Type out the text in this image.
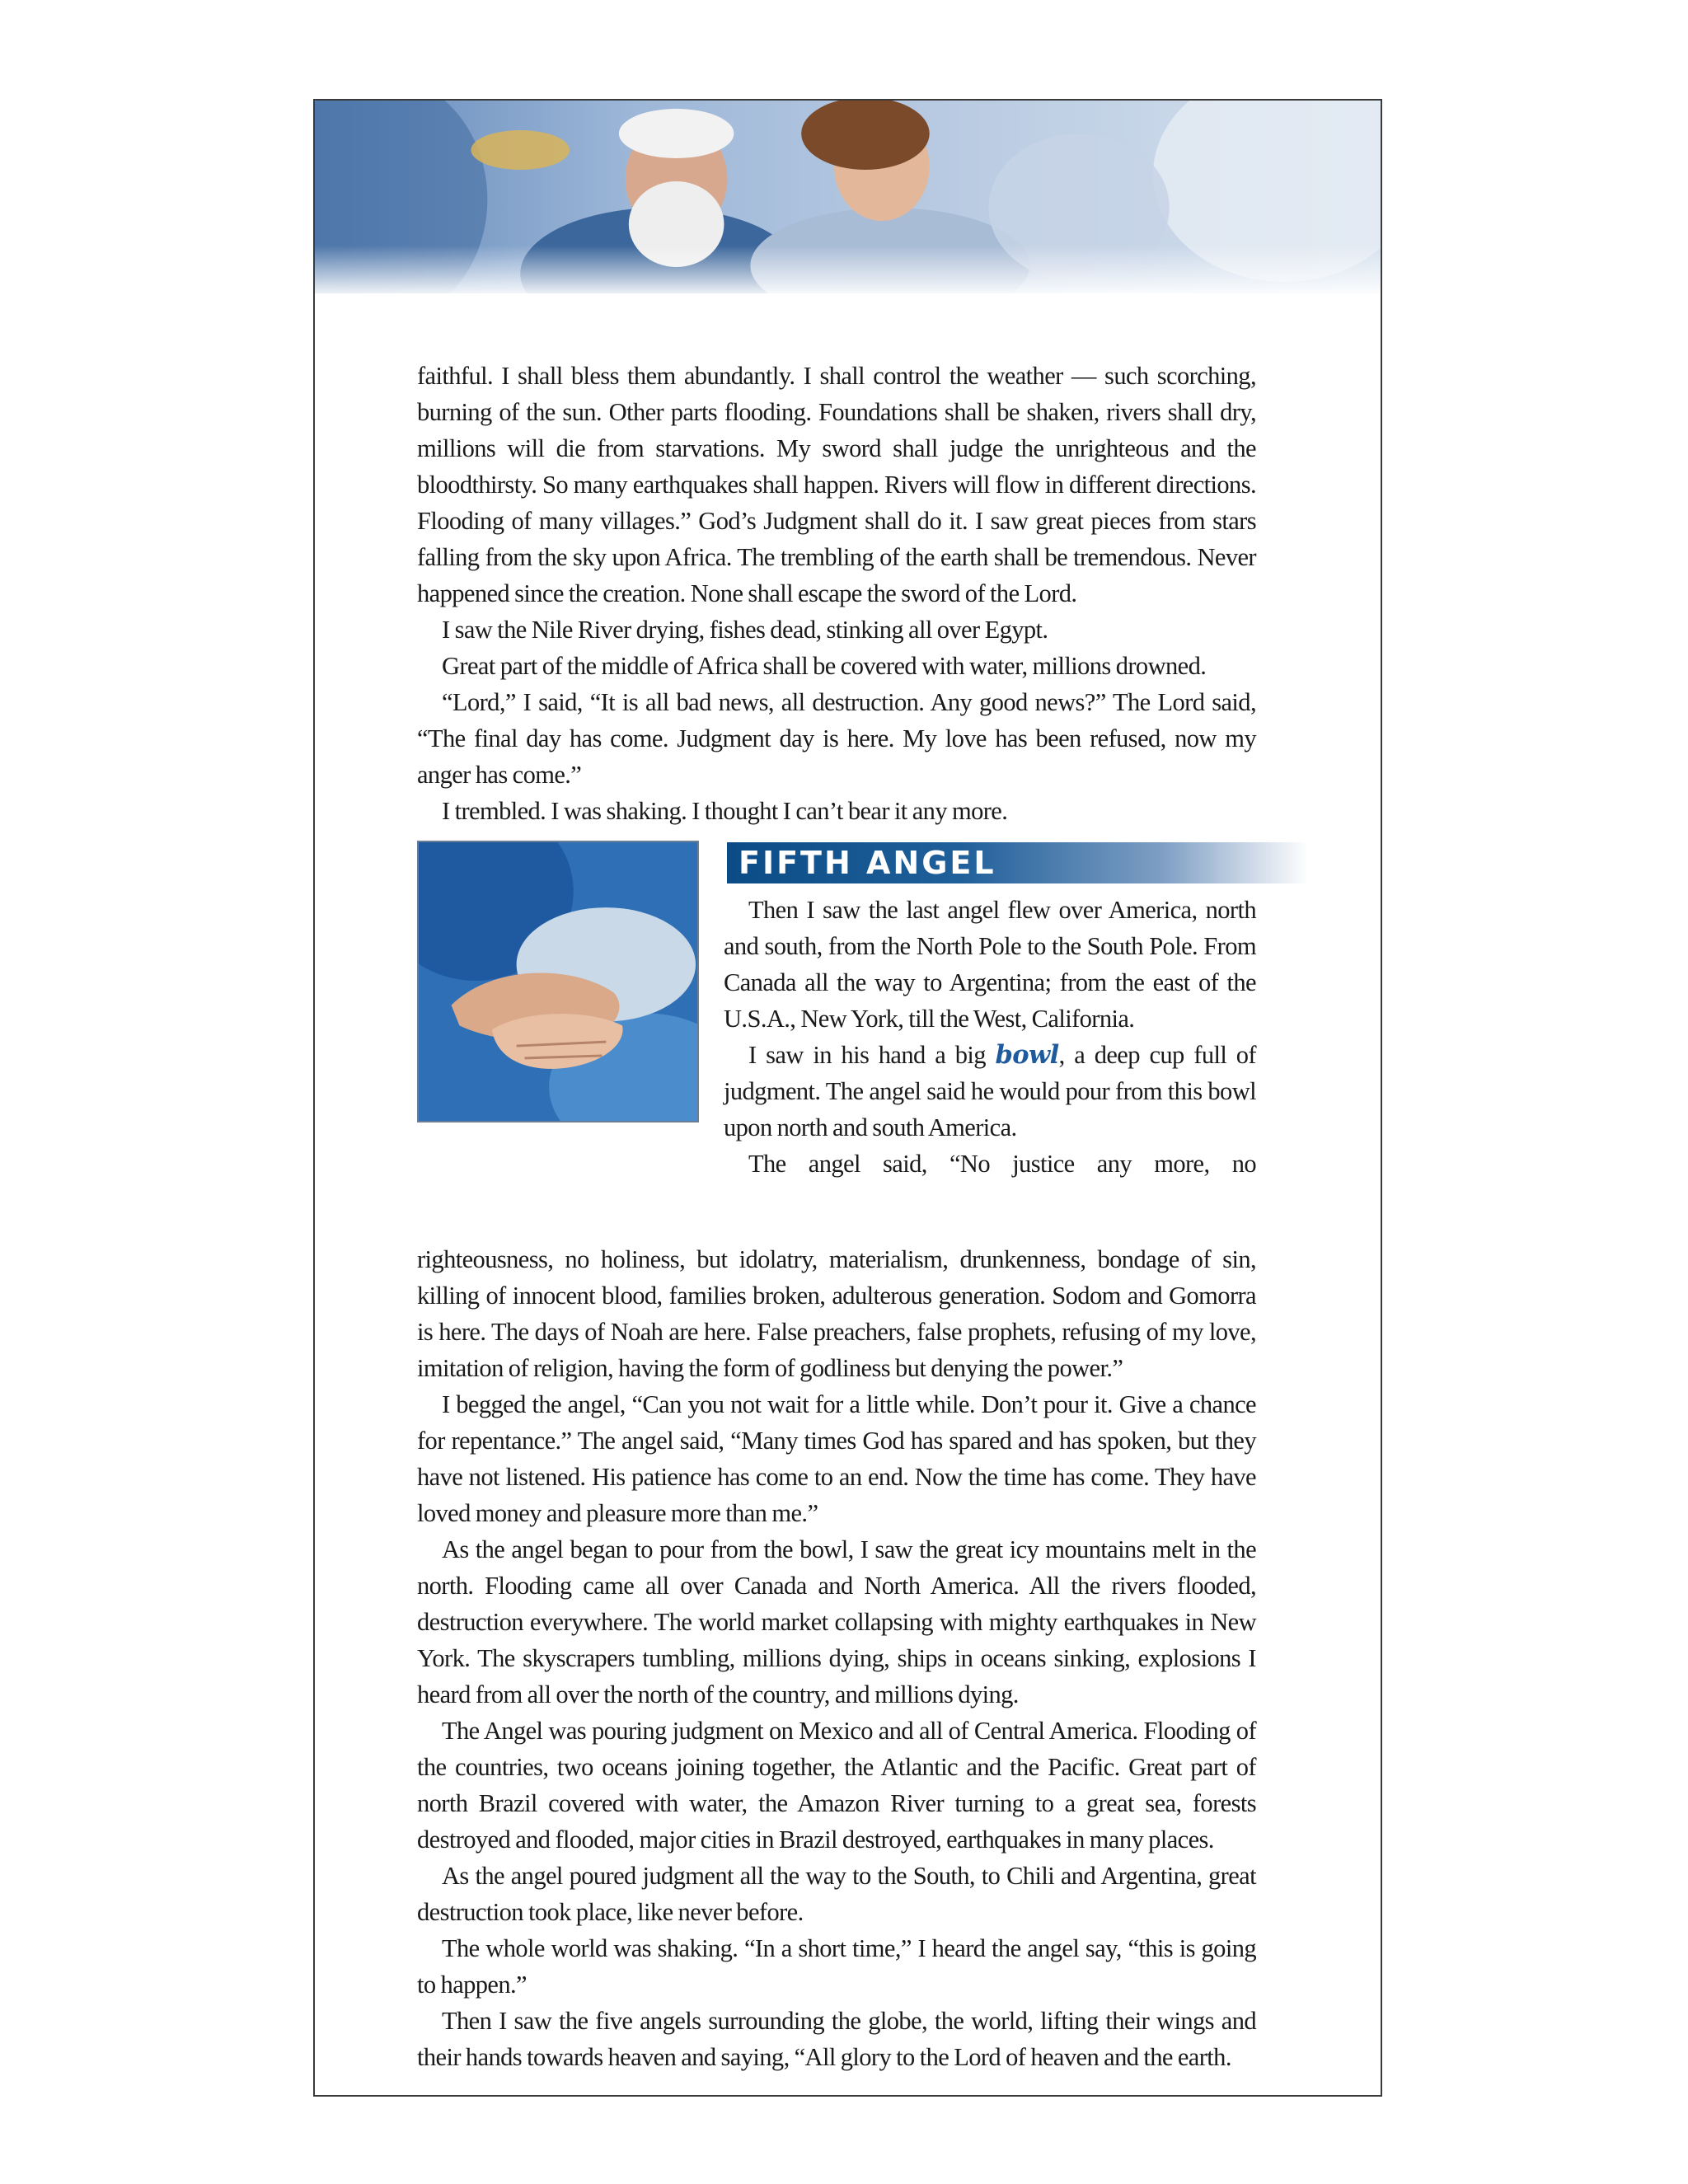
faithful. I shall bless them abundantly. I shall control the weather — such scorching, burning of the sun. Other parts flooding. Foundations shall be shaken, rivers shall dry, millions will die from starvations. My sword shall judge the unrighteous and the bloodthirsty. So many earthquakes shall happen. Rivers will flow in different directions. Flooding of many villages.” God’s Judgment shall do it. I saw great pieces from stars falling from the sky upon Africa. The trembling of the earth shall be tremendous. Never happened since the creation. None shall escape the sword of the Lord.

I saw the Nile River drying, fishes dead, stinking all over Egypt.

Great part of the middle of Africa shall be covered with water, millions drowned.

“Lord,” I said, “It is all bad news, all destruction. Any good news?” The Lord said, “The final day has come. Judgment day is here. My love has been refused, now my anger has come.”

I trembled. I was shaking. I thought I can’t bear it any more.

FIFTH ANGEL

Then I saw the last angel flew over America, north and south, from the North Pole to the South Pole. From Canada all the way to Argentina; from the east of the U.S.A., New York, till the West, California.

I saw in his hand a big bowl, a deep cup full of judgment. The angel said he would pour from this bowl upon north and south America.

The angel said, “No justice any more, no

righteousness, no holiness, but idolatry, materialism, drunkenness, bondage of sin, killing of innocent blood, families broken, adulterous generation. Sodom and Gomorra is here. The days of Noah are here. False preachers, false prophets, refusing of my love, imitation of religion, having the form of godliness but denying the power.”

I begged the angel, “Can you not wait for a little while. Don’t pour it. Give a chance for repentance.” The angel said, “Many times God has spared and has spoken, but they have not listened. His patience has come to an end. Now the time has come. They have loved money and pleasure more than me.”

As the angel began to pour from the bowl, I saw the great icy mountains melt in the north. Flooding came all over Canada and North America. All the rivers flooded, destruction everywhere. The world market collapsing with mighty earthquakes in New York. The skyscrapers tumbling, millions dying, ships in oceans sinking, explosions I heard from all over the north of the country, and millions dying.

The Angel was pouring judgment on Mexico and all of Central America. Flooding of the countries, two oceans joining together, the Atlantic and the Pacific. Great part of north Brazil covered with water, the Amazon River turning to a great sea, forests destroyed and flooded, major cities in Brazil destroyed, earthquakes in many places.

As the angel poured judgment all the way to the South, to Chili and Argentina, great destruction took place, like never before.

The whole world was shaking. “In a short time,” I heard the angel say, “this is going to happen.”

Then I saw the five angels surrounding the globe, the world, lifting their wings and their hands towards heaven and saying, “All glory to the Lord of heaven and the earth.
